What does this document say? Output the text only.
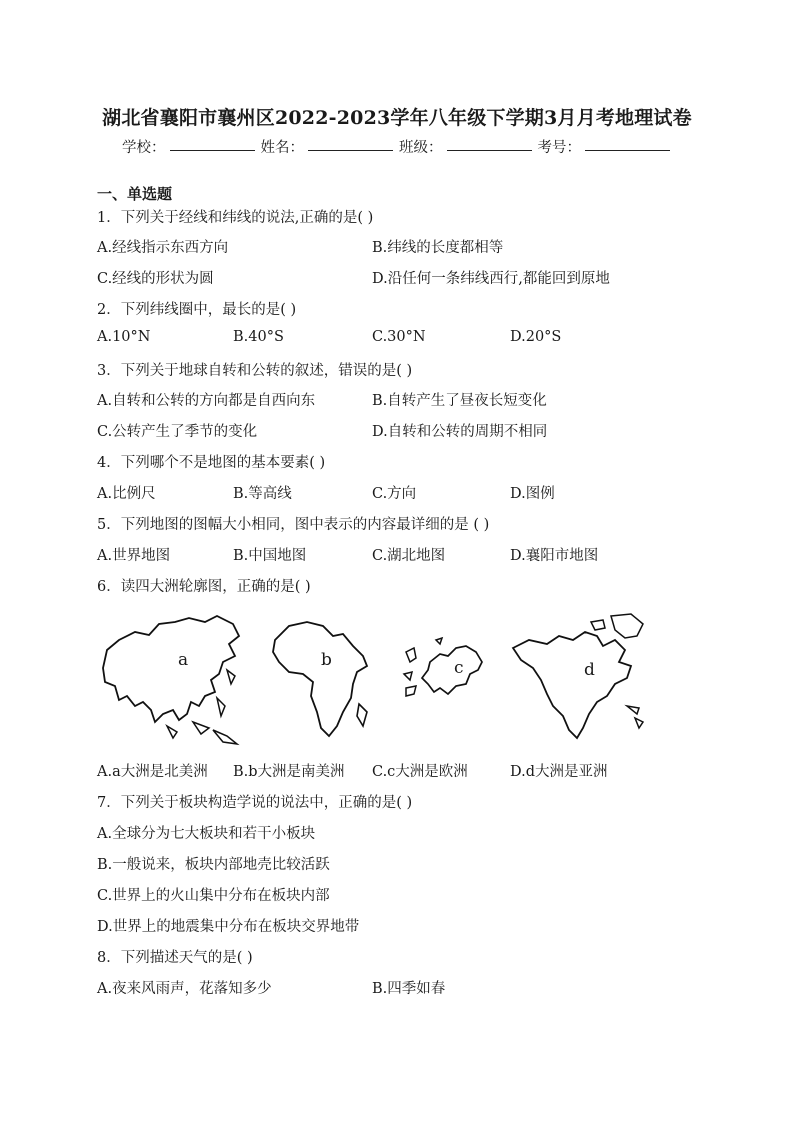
湖北省襄阳市襄州区2022-2023学年八年级下学期3月月考地理试卷
学校：	姓名：	班级：	考号：
一、单选题
1．下列关于经线和纬线的说法,正确的是( )
A.经线指示东西方向	B.纬线的长度都相等
C.经线的形状为圆	D.沿任何一条纬线西行,都能回到原地
2．下列纬线圈中，最长的是( )
A.10°N	B.40°S	C.30°N	D.20°S
3．下列关于地球自转和公转的叙述，错误的是( )
A.自转和公转的方向都是自西向东	B.自转产生了昼夜长短变化
C.公转产生了季节的变化	D.自转和公转的周期不相同
4．下列哪个不是地图的基本要素( )
A.比例尺	B.等高线	C.方向	D.图例
5．下列地图的图幅大小相同，图中表示的内容最详细的是 ( )
A.世界地图	B.中国地图	C.湖北地图	D.襄阳市地图
6．读四大洲轮廓图，正确的是( )
a	b	c	d
A.a大洲是北美洲 B.b大洲是南美洲 C.c大洲是欧洲	D.d大洲是亚洲
7．下列关于板块构造学说的说法中，正确的是( )
A.全球分为七大板块和若干小板块
B.一般说来，板块内部地壳比较活跃
C.世界上的火山集中分布在板块内部
D.世界上的地震集中分布在板块交界地带
8．下列描述天气的是( )
A.夜来风雨声，花落知多少	B.四季如春
